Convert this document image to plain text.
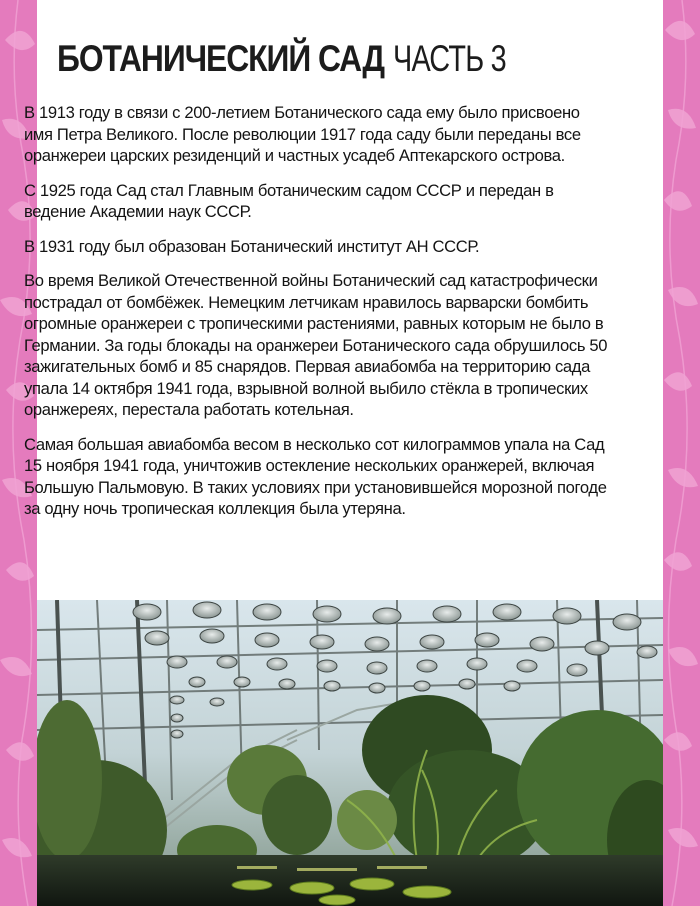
БОТАНИЧЕСКИЙ САД ЧАСТЬ 3

В 1913 году в связи с 200-летием Ботанического сада ему было присвоено имя Петра Великого. После революции 1917 года саду были переданы все оранжереи царских резиденций и частных усадеб Аптекарского острова.

С 1925 года Сад стал Главным ботаническим садом СССР и передан в ведение Академии наук СССР.

В 1931 году был образован Ботанический институт АН СССР.

Во время Великой Отечественной войны Ботанический сад катастрофически пострадал от бомбёжек. Немецким летчикам нравилось варварски бомбить огромные оранжереи с тропическими растениями, равных которым не было в Германии. За годы блокады на оранжереи Ботанического сада обрушилось 50 зажигательных бомб и 85 снарядов. Первая авиабомба на территорию сада упала 14 октября 1941 года, взрывной волной выбило стёкла в тропических оранжереях, перестала работать котельная.

Самая большая авиабомба весом в несколько сот килограммов упала на Сад 15 ноября 1941 года, уничтожив остекление нескольких оранжерей, включая Большую Пальмовую. В таких условиях при установившейся морозной погоде за одну ночь тропическая коллекция была утеряна.
